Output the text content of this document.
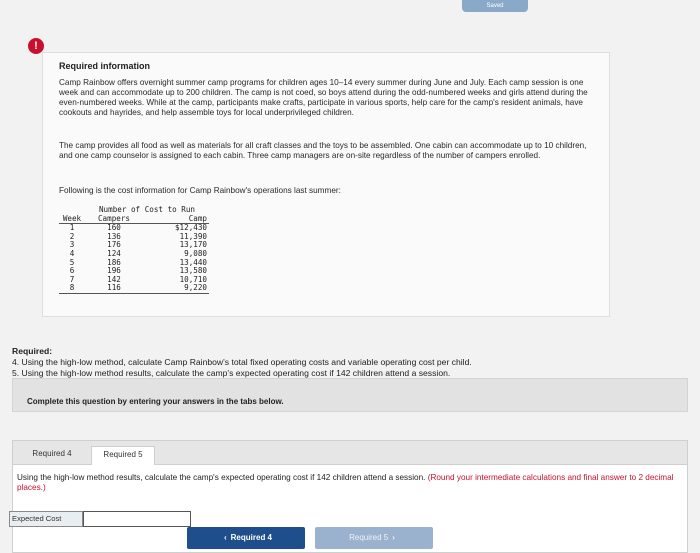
Saved
!
Required information
Camp Rainbow offers overnight summer camp programs for children ages 10–14 every summer during June and July. Each camp session is one week and can accommodate up to 200 children. The camp is not coed, so boys attend during the odd-numbered weeks and girls attend during the even-numbered weeks. While at the camp, participants make crafts, participate in various sports, help care for the camp's resident animals, have cookouts and hayrides, and help assemble toys for local underprivileged children.
The camp provides all food as well as materials for all craft classes and the toys to be assembled. One cabin can accommodate up to 10 children, and one camp counselor is assigned to each cabin. Three camp managers are on-site regardless of the number of campers enrolled.
Following is the cost information for Camp Rainbow's operations last summer:
	Number of Cost to Run	
Week	Campers	Camp
1	160	$12,430
2	136	11,390
3	176	13,170
4	124	9,080
5	186	13,440
6	196	13,580
7	142	10,710
8	116	9,220
Required:
4. Using the high-low method, calculate Camp Rainbow's total fixed operating costs and variable operating cost per child.
5. Using the high-low method results, calculate the camp's expected operating cost if 142 children attend a session.
Complete this question by entering your answers in the tabs below.
Required 4	Required 5
Using the high-low method results, calculate the camp's expected operating cost if 142 children attend a session. (Round your intermediate calculations and final answer to 2 decimal places.)
Expected Cost
‹ Required 4	Required 5 ›
